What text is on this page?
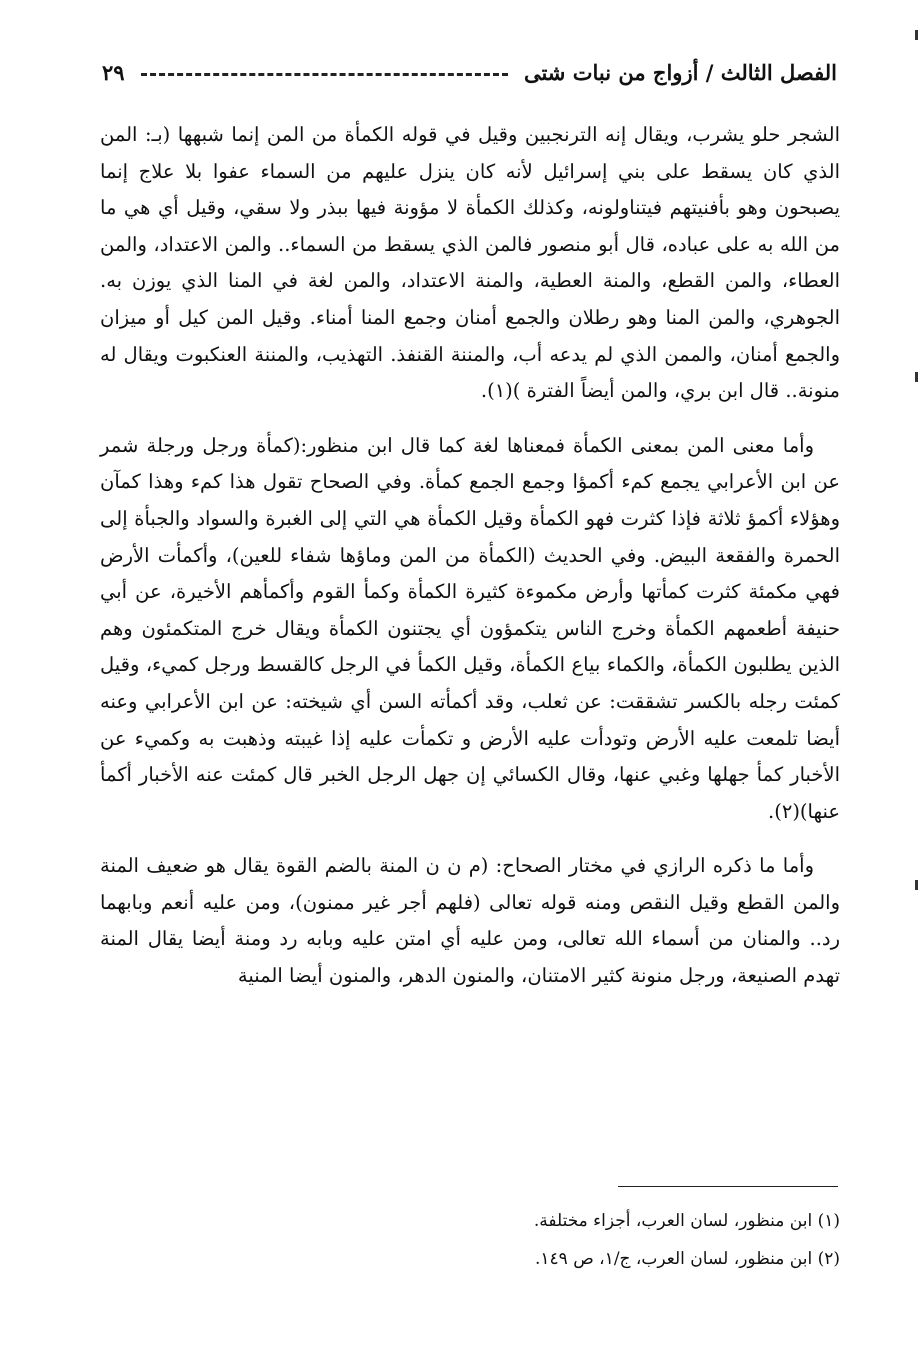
الفصل الثالث / أزواج من نبات شتى
٢٩

الشجر حلو يشرب، ويقال إنه الترنجبين وقيل في قوله الكمأة من المن إنما شبهها (بـ: المن الذي كان يسقط على بني إسرائيل لأنه كان ينزل عليهم من السماء عفوا بلا علاج إنما يصبحون وهو بأفنيتهم فيتناولونه، وكذلك الكمأة لا مؤونة فيها ببذر ولا سقي، وقيل أي هي ما من الله به على عباده، قال أبو منصور فالمن الذي يسقط من السماء.. والمن الاعتداد، والمن العطاء، والمن القطع، والمنة العطية، والمنة الاعتداد، والمن لغة في المنا الذي يوزن به. الجوهري، والمن المنا وهو رطلان والجمع أمنان وجمع المنا أمناء. وقيل المن كيل أو ميزان والجمع أمنان، والممن الذي لم يدعه أب، والمننة القنفذ. التهذيب، والمننة العنكبوت ويقال له منونة.. قال ابن بري، والمن أيضاً الفترة )(١).

وأما معنى المن بمعنى الكمأة فمعناها لغة كما قال ابن منظور:(كمأة ورجل ورجلة شمر عن ابن الأعرابي يجمع كمء أكمؤا وجمع الجمع كمأة. وفي الصحاح تقول هذا كمء وهذا كمآن وهؤلاء أكمؤ ثلاثة فإذا كثرت فهو الكمأة وقيل الكمأة هي التي إلى الغبرة والسواد والجبأة إلى الحمرة والفقعة البيض. وفي الحديث (الكمأة من المن وماؤها شفاء للعين)، وأكمأت الأرض فهي مكمئة كثرت كمأتها وأرض مكموءة كثيرة الكمأة وكمأ القوم وأكمأهم الأخيرة، عن أبي حنيفة أطعمهم الكمأة وخرج الناس يتكمؤون أي يجتنون الكمأة ويقال خرج المتكمئون وهم الذين يطلبون الكمأة، والكماء بياع الكمأة، وقيل الكمأ في الرجل كالقسط ورجل كميء، وقيل كمئت رجله بالكسر تشققت: عن ثعلب، وقد أكمأته السن أي شيخته: عن ابن الأعرابي وعنه أيضا تلمعت عليه الأرض وتودأت عليه الأرض و تكمأت عليه إذا غيبته وذهبت به وكميء عن الأخبار كمأ جهلها وغبي عنها، وقال الكسائي إن جهل الرجل الخبر قال كمئت عنه الأخبار أكمأ عنها)(٢).

وأما ما ذكره الرازي في مختار الصحاح: (م ن ن المنة بالضم القوة يقال هو ضعيف المنة والمن القطع وقيل النقص ومنه قوله تعالى (فلهم أجر غير ممنون)، ومن عليه أنعم وبابهما رد.. والمنان من أسماء الله تعالى، ومن عليه أي امتن عليه وبابه رد ومنة أيضا يقال المنة تهدم الصنيعة، ورجل منونة كثير الامتنان، والمنون الدهر، والمنون أيضا المنية

(١) ابن منظور، لسان العرب، أجزاء مختلفة.

(٢) ابن منظور، لسان العرب، ج/١، ص ١٤٩.
